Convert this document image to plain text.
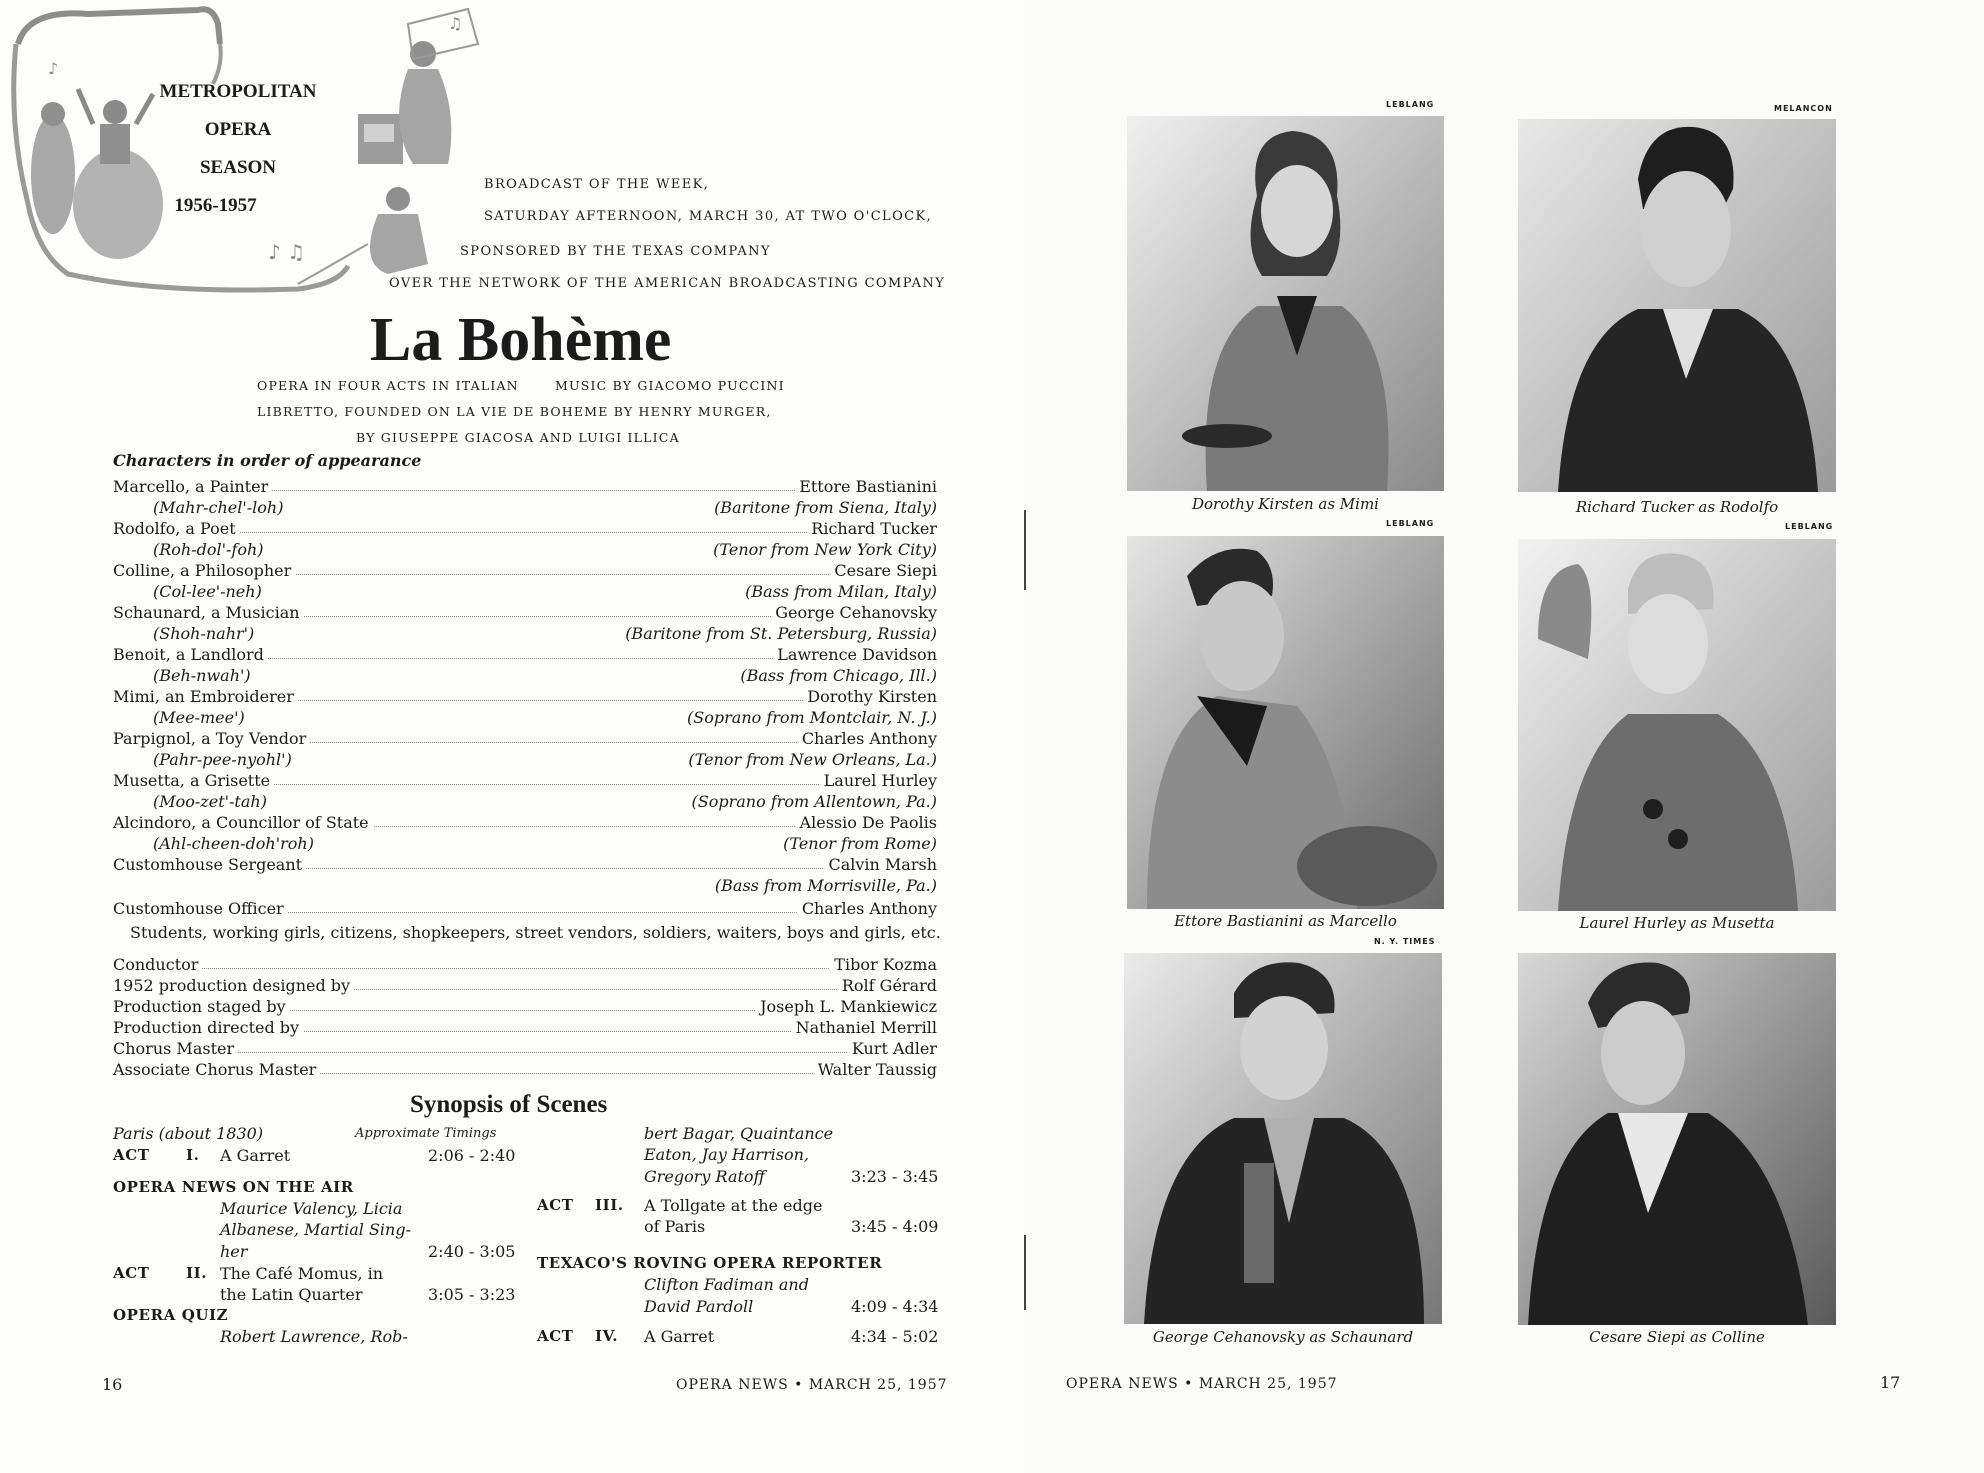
♪ ♫
♪
♫
METROPOLITAN
OPERA
SEASON
1956-1957
BROADCAST OF THE WEEK,
SATURDAY AFTERNOON, MARCH 30, AT TWO O'CLOCK,
SPONSORED BY THE TEXAS COMPANY
OVER THE NETWORK OF THE AMERICAN BROADCASTING COMPANY
La Bohème
OPERA IN FOUR ACTS IN ITALIAN	MUSIC BY GIACOMO PUCCINI
LIBRETTO, FOUNDED ON LA VIE DE BOHEME BY HENRY MURGER,
BY GIUSEPPE GIACOSA AND LUIGI ILLICA
Characters in order of appearance
Marcello, a Painter	Ettore Bastianini
(Mahr-chel'-loh)	(Baritone from Siena, Italy)
Rodolfo, a Poet	Richard Tucker
(Roh-dol'-foh)	(Tenor from New York City)
Colline, a Philosopher	Cesare Siepi
(Col-lee'-neh)	(Bass from Milan, Italy)
Schaunard, a Musician	George Cehanovsky
(Shoh-nahr')	(Baritone from St. Petersburg, Russia)
Benoit, a Landlord	Lawrence Davidson
(Beh-nwah')	(Bass from Chicago, Ill.)
Mimi, an Embroiderer	Dorothy Kirsten
(Mee-mee')	(Soprano from Montclair, N. J.)
Parpignol, a Toy Vendor	Charles Anthony
(Pahr-pee-nyohl')	(Tenor from New Orleans, La.)
Musetta, a Grisette	Laurel Hurley
(Moo-zet'-tah)	(Soprano from Allentown, Pa.)
Alcindoro, a Councillor of State	Alessio De Paolis
(Ahl-cheen-doh'roh)	(Tenor from Rome)
Customhouse Sergeant	Calvin Marsh
(Bass from Morrisville, Pa.)
Customhouse Officer	Charles Anthony
Students, working girls, citizens, shopkeepers, street vendors, soldiers, waiters, boys and girls, etc.
Conductor	Tibor Kozma
1952 production designed by	Rolf Gérard
Production staged by	Joseph L. Mankiewicz
Production directed by	Nathaniel Merrill
Chorus Master	Kurt Adler
Associate Chorus Master	Walter Taussig
Synopsis of Scenes
Paris (about 1830)	Approximate Timings
ACT I. A Garret	2:06 - 2:40
OPERA NEWS ON THE AIR
Maurice Valency, Licia
Albanese, Martial Sing-
her	2:40 - 3:05
ACT II. The Café Momus, in
the Latin Quarter	3:05 - 3:23
OPERA QUIZ
Robert Lawrence, Rob-
bert Bagar, Quaintance
Eaton, Jay Harrison,
Gregory Ratoff	3:23 - 3:45
ACT III. A Tollgate at the edge
of Paris	3:45 - 4:09
TEXACO'S ROVING OPERA REPORTER
Clifton Fadiman and
David Pardoll	4:09 - 4:34
ACT IV. A Garret	4:34 - 5:02
16	OPERA NEWS • MARCH 25, 1957
LEBLANG
Dorothy Kirsten as Mimi
MELANCON
Richard Tucker as Rodolfo
LEBLANG
Ettore Bastianini as Marcello
LEBLANG
Laurel Hurley as Musetta
N. Y. TIMES
George Cehanovsky as Schaunard	Cesare Siepi as Colline
OPERA NEWS • MARCH 25, 1957	17
